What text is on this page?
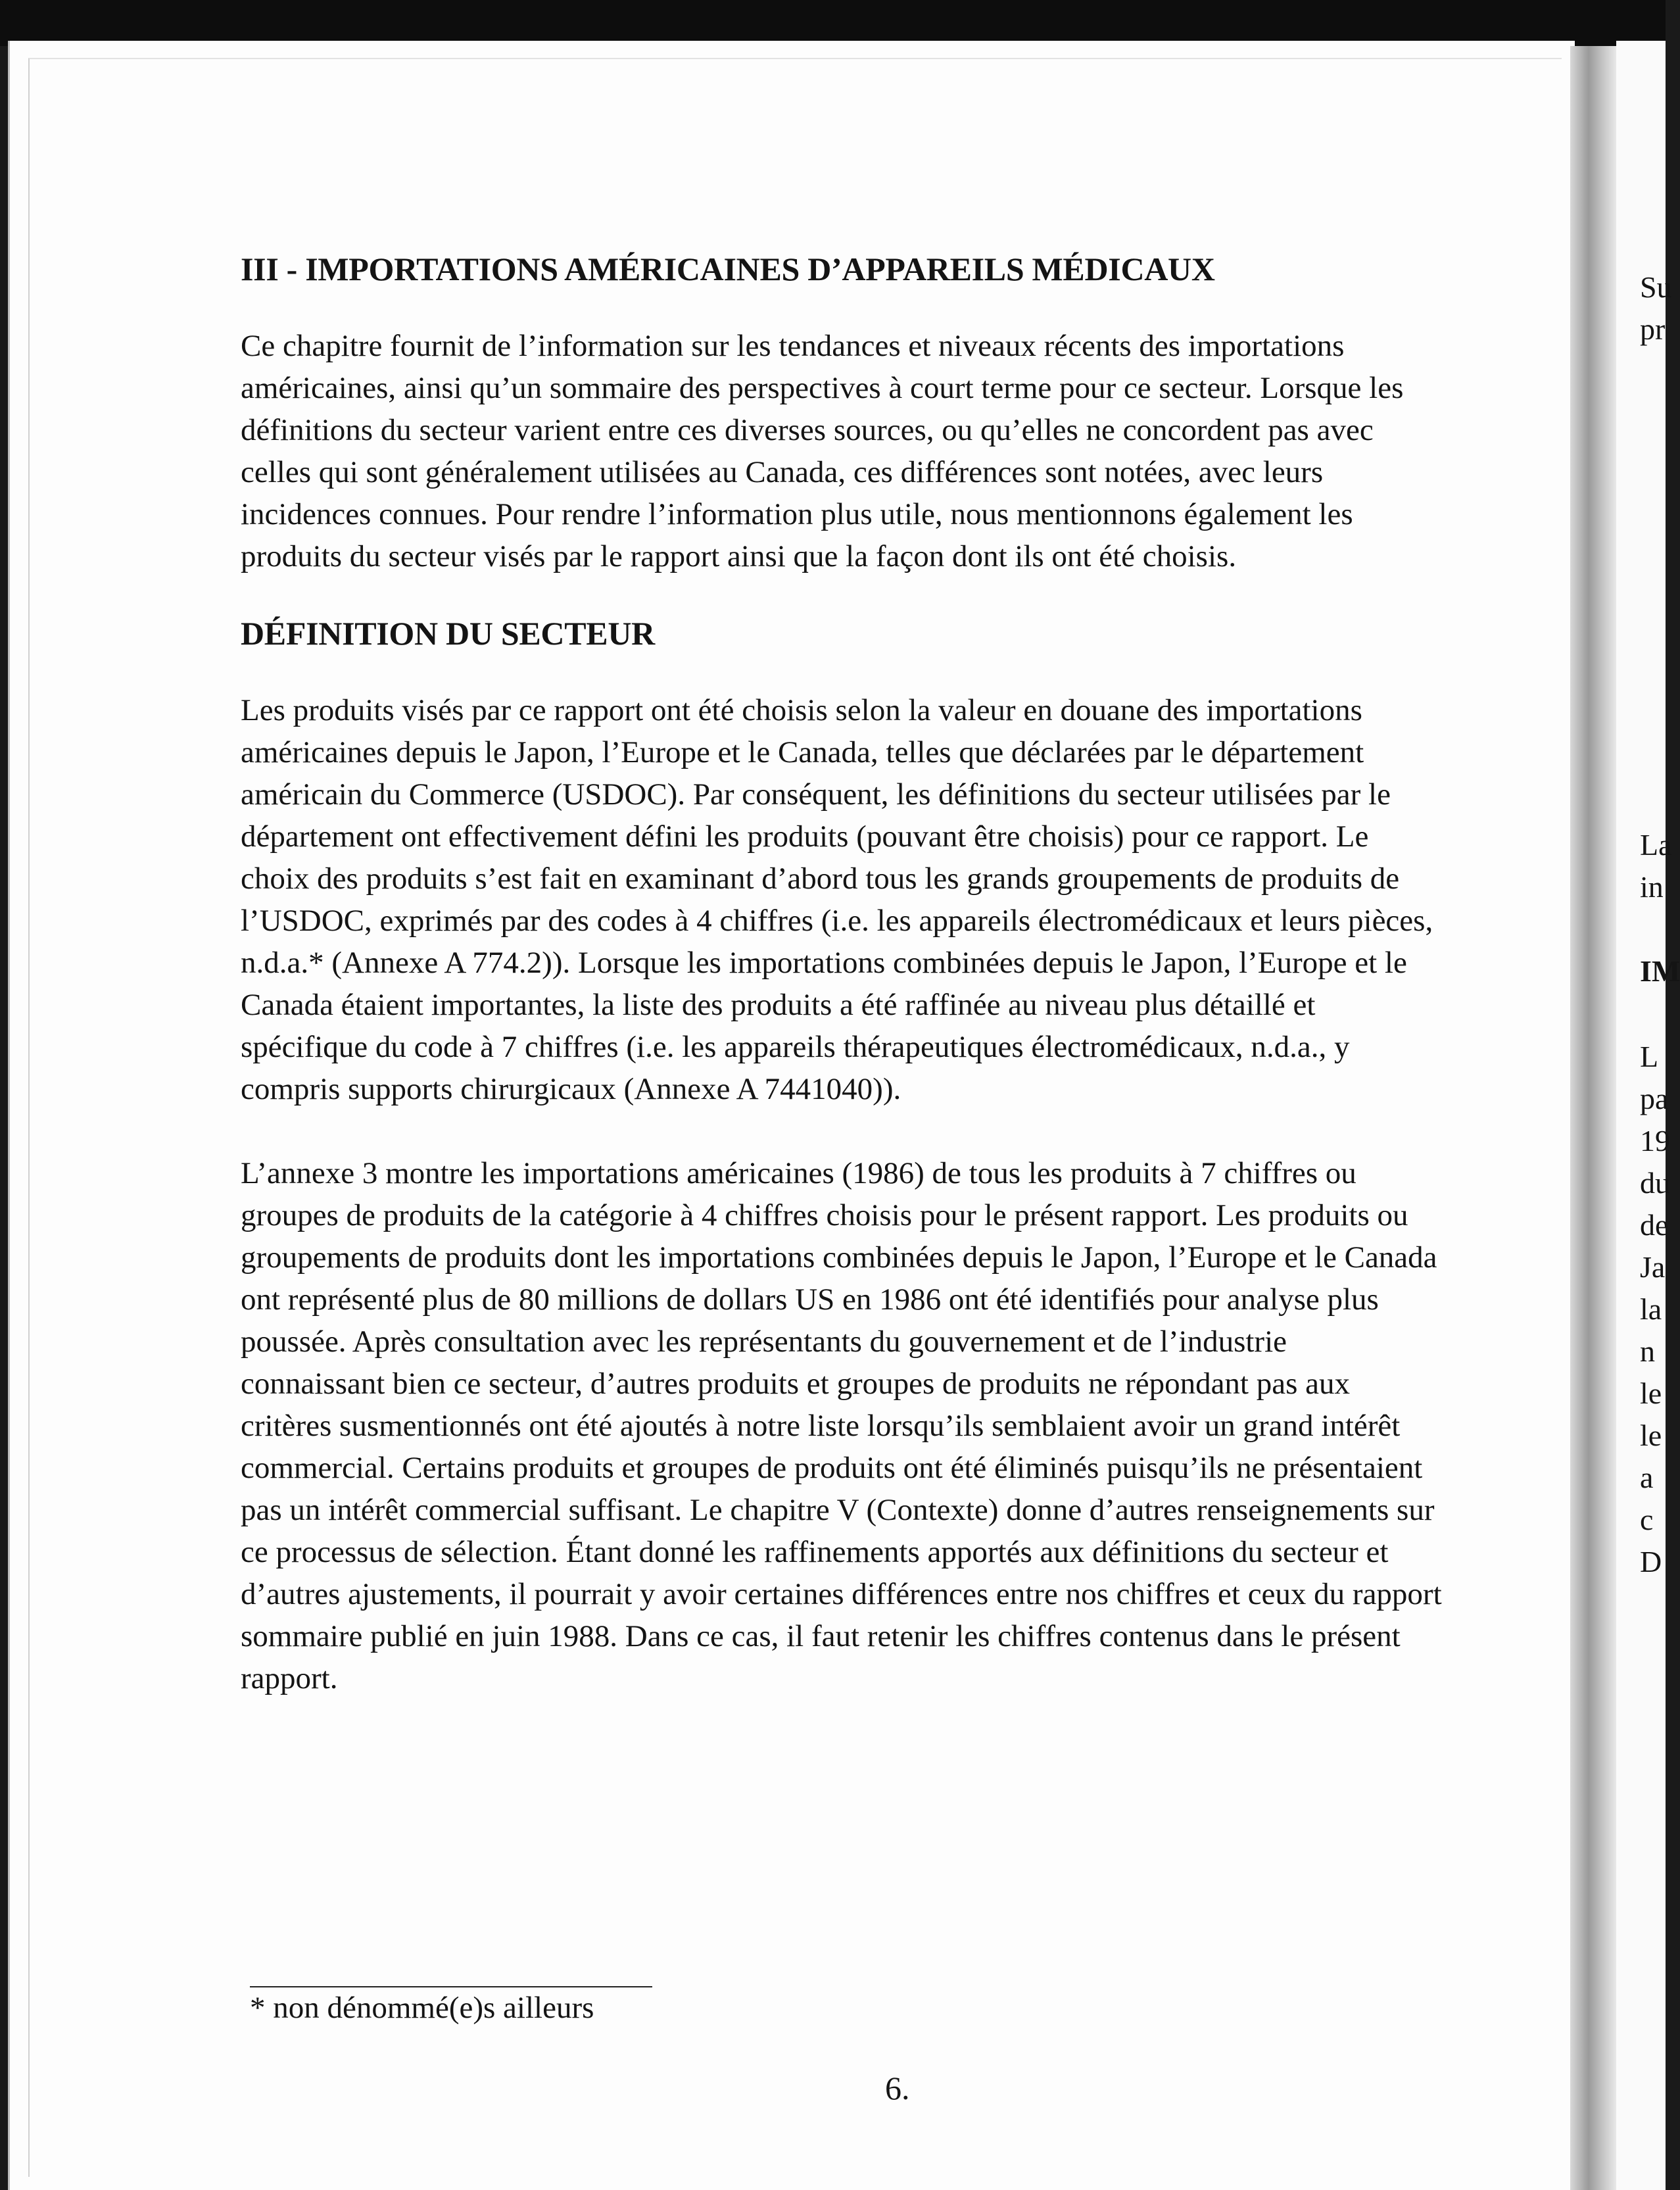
Su
pr
La
in
IM
L
pa
19
du
de
Ja
la
n
le
le
a
c
D
III - IMPORTATIONS AMÉRICAINES D’APPAREILS MÉDICAUX

Ce chapitre fournit de l’information sur les tendances et niveaux récents des importations
américaines, ainsi qu’un sommaire des perspectives à court terme pour ce secteur. Lorsque les
définitions du secteur varient entre ces diverses sources, ou qu’elles ne concordent pas avec
celles qui sont généralement utilisées au Canada, ces différences sont notées, avec leurs
incidences connues. Pour rendre l’information plus utile, nous mentionnons également les
produits du secteur visés par le rapport ainsi que la façon dont ils ont été choisis.

DÉFINITION DU SECTEUR

Les produits visés par ce rapport ont été choisis selon la valeur en douane des importations
américaines depuis le Japon, l’Europe et le Canada, telles que déclarées par le département
américain du Commerce (USDOC). Par conséquent, les définitions du secteur utilisées par le
département ont effectivement défini les produits (pouvant être choisis) pour ce rapport. Le
choix des produits s’est fait en examinant d’abord tous les grands groupements de produits de
l’USDOC, exprimés par des codes à 4 chiffres (i.e. les appareils électromédicaux et leurs pièces,
n.d.a.* (Annexe A 774.2)). Lorsque les importations combinées depuis le Japon, l’Europe et le
Canada étaient importantes, la liste des produits a été raffinée au niveau plus détaillé et
spécifique du code à 7 chiffres (i.e. les appareils thérapeutiques électromédicaux, n.d.a., y
compris supports chirurgicaux (Annexe A 7441040)).

L’annexe 3 montre les importations américaines (1986) de tous les produits à 7 chiffres ou
groupes de produits de la catégorie à 4 chiffres choisis pour le présent rapport. Les produits ou
groupements de produits dont les importations combinées depuis le Japon, l’Europe et le Canada
ont représenté plus de 80 millions de dollars US en 1986 ont été identifiés pour analyse plus
poussée. Après consultation avec les représentants du gouvernement et de l’industrie
connaissant bien ce secteur, d’autres produits et groupes de produits ne répondant pas aux
critères susmentionnés ont été ajoutés à notre liste lorsqu’ils semblaient avoir un grand intérêt
commercial. Certains produits et groupes de produits ont été éliminés puisqu’ils ne présentaient
pas un intérêt commercial suffisant. Le chapitre V (Contexte) donne d’autres renseignements sur
ce processus de sélection. Étant donné les raffinements apportés aux définitions du secteur et
d’autres ajustements, il pourrait y avoir certaines différences entre nos chiffres et ceux du rapport
sommaire publié en juin 1988. Dans ce cas, il faut retenir les chiffres contenus dans le présent
rapport.

* non dénommé(e)s ailleurs
6.
